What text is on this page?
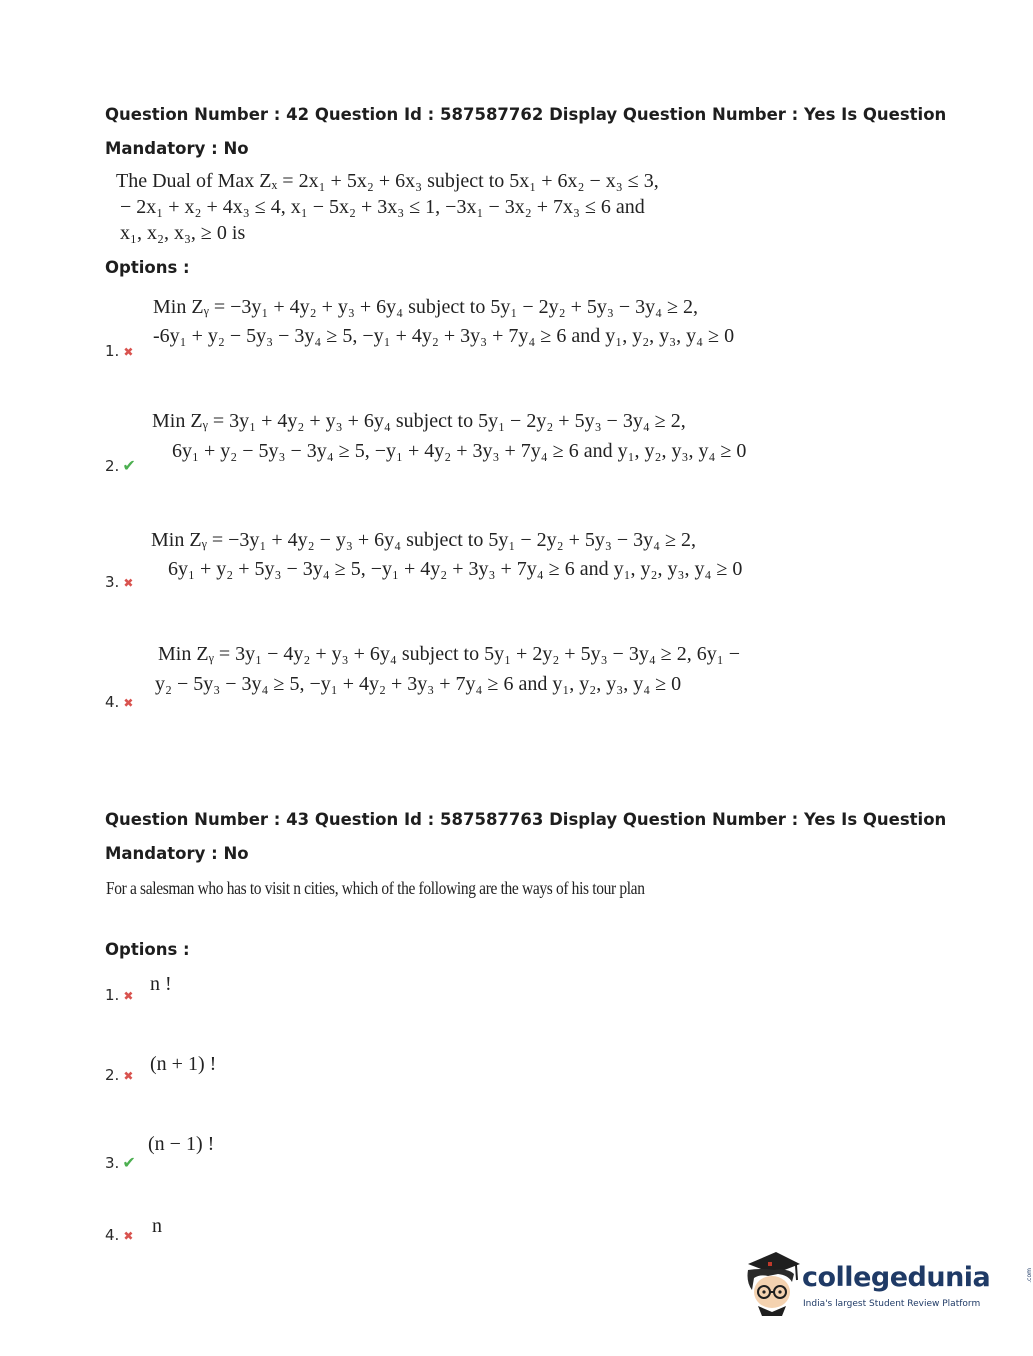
Question Number : 42 Question Id : 587587762 Display Question Number : Yes Is Question
Mandatory : No
The Dual of Max Zₓ = 2x₁ + 5x₂ + 6x₃ subject to 5x₁ + 6x₂ − x₃ ≤ 3,
− 2x₁ + x₂ + 4x₃ ≤ 4, x₁ − 5x₂ + 3x₃ ≤ 1, −3x₁ − 3x₂ + 7x₃ ≤ 6 and
x₁, x₂, x₃, ≥ 0 is
Options :
Min Zᵧ = −3y₁ + 4y₂ + y₃ + 6y₄ subject to 5y₁ − 2y₂ + 5y₃ − 3y₄ ≥ 2,
-6y₁ + y₂ − 5y₃ − 3y₄ ≥ 5, −y₁ + 4y₂ + 3y₃ + 7y₄ ≥ 6 and y₁, y₂, y₃, y₄ ≥ 0
1. ✖
Min Zᵧ = 3y₁ + 4y₂ + y₃ + 6y₄ subject to 5y₁ − 2y₂ + 5y₃ − 3y₄ ≥ 2,
6y₁ + y₂ − 5y₃ − 3y₄ ≥ 5, −y₁ + 4y₂ + 3y₃ + 7y₄ ≥ 6 and y₁, y₂, y₃, y₄ ≥ 0
2. ✔
Min Zᵧ = −3y₁ + 4y₂ − y₃ + 6y₄ subject to 5y₁ − 2y₂ + 5y₃ − 3y₄ ≥ 2,
6y₁ + y₂ + 5y₃ − 3y₄ ≥ 5, −y₁ + 4y₂ + 3y₃ + 7y₄ ≥ 6 and y₁, y₂, y₃, y₄ ≥ 0
3. ✖
Min Zᵧ = 3y₁ − 4y₂ + y₃ + 6y₄ subject to 5y₁ + 2y₂ + 5y₃ − 3y₄ ≥ 2, 6y₁ −
y₂ − 5y₃ − 3y₄ ≥ 5, −y₁ + 4y₂ + 3y₃ + 7y₄ ≥ 6 and y₁, y₂, y₃, y₄ ≥ 0
4. ✖
Question Number : 43 Question Id : 587587763 Display Question Number : Yes Is Question
Mandatory : No
For a salesman who has to visit n cities, which of the following are the ways of his tour plan
Options :
n !
1. ✖
(n + 1) !
2. ✖
(n − 1) !
3. ✔
n
4. ✖
collegedunia	.com
India's largest Student Review Platform
